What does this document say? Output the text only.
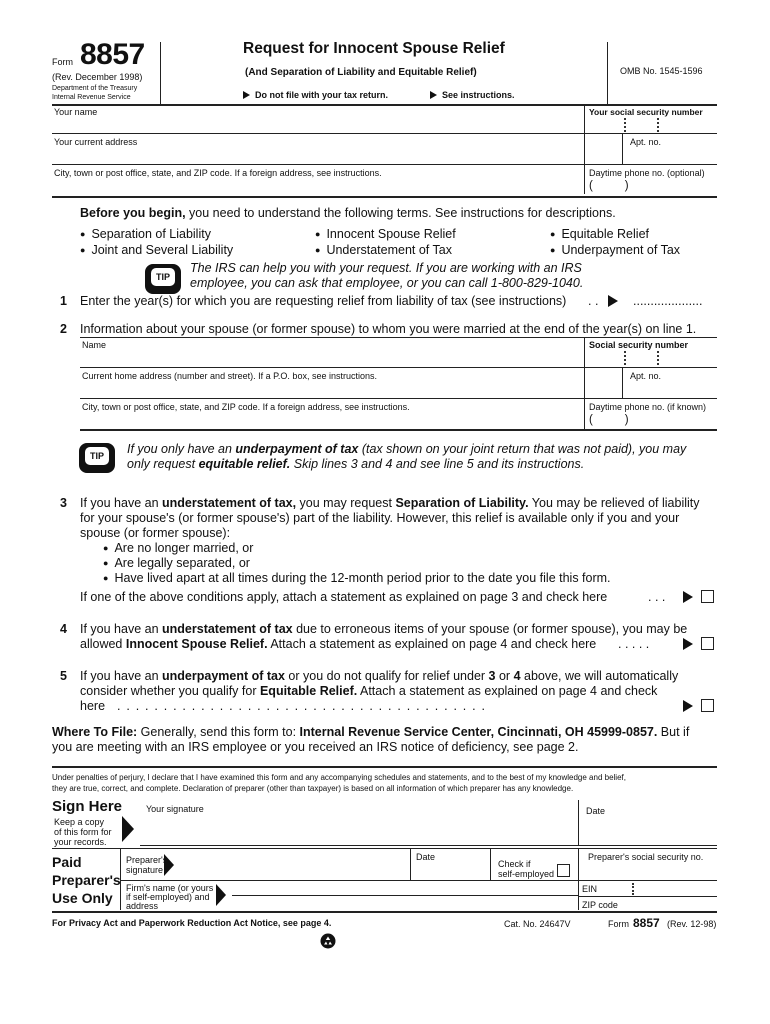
Form 8857
(Rev. December 1998)
Department of the Treasury
Internal Revenue Service
Request for Innocent Spouse Relief
(And Separation of Liability and Equitable Relief)
Do not file with your tax return.	See instructions.
OMB No. 1545-1596
Your name	Your social security number
Your current address	Apt. no.
City, town or post office, state, and ZIP code. If a foreign address, see instructions.	Daytime phone no. (optional)
(          )
Before you begin, you need to understand the following terms. See instructions for descriptions.
● Separation of Liability	● Innocent Spouse Relief	● Equitable Relief
● Joint and Several Liability	● Understatement of Tax	● Underpayment of Tax
TIP
The IRS can help you with your request. If you are working with an IRS
employee, you can ask that employee, or you can call 1-800-829-1040.
1 Enter the year(s) for which you are requesting relief from liability of tax (see instructions) . .	....................
2 Information about your spouse (or former spouse) to whom you were married at the end of the year(s) on line 1.
Name	Social security number
Current home address (number and street). If a P.O. box, see instructions.	Apt. no.
City, town or post office, state, and ZIP code. If a foreign address, see instructions.	Daytime phone no. (if known)
(          )
TIP	If you only have an underpayment of tax (tax shown on your joint return that was not paid), you may
only request equitable relief. Skip lines 3 and 4 and see line 5 and its instructions.
3 If you have an understatement of tax, you may request Separation of Liability. You may be relieved of liability
for your spouse's (or former spouse's) part of the liability. However, this relief is available only if you and your
spouse (or former spouse):
● Are no longer married, or
● Are legally separated, or
● Have lived apart at all times during the 12-month period prior to the date you file this form.
If one of the above conditions apply, attach a statement as explained on page 3 and check here	. . .
4 If you have an understatement of tax due to erroneous items of your spouse (or former spouse), you may be
allowed Innocent Spouse Relief. Attach a statement as explained on page 4 and check here . . . . .
5 If you have an underpayment of tax or you do not qualify for relief under 3 or 4 above, we will automatically
consider whether you qualify for Equitable Relief. Attach a statement as explained on page 4 and check
here . . . . . . . . . . . . . . . . . . . . . . . . . . . . . . . . . . . . . . . .
Where To File: Generally, send this form to: Internal Revenue Service Center, Cincinnati, OH 45999-0857. But if
you are meeting with an IRS employee or you received an IRS notice of deficiency, see page 2.
Under penalties of perjury, I declare that I have examined this form and any accompanying schedules and statements, and to the best of my knowledge and belief,
they are true, correct, and complete. Declaration of preparer (other than taxpayer) is based on all information of which preparer has any knowledge.
Sign Here
Keep a copy
of this form for
your records.
Your signature	Date
Paid
Preparer's
Use Only
Preparer's
signature
Date
Check if
self-employed
Preparer's social security no.
Firm's name (or yours
if self-employed) and
address
EIN
ZIP code
For Privacy Act and Paperwork Reduction Act Notice, see page 4.	Cat. No. 24647V	Form 8857 (Rev. 12-98)
